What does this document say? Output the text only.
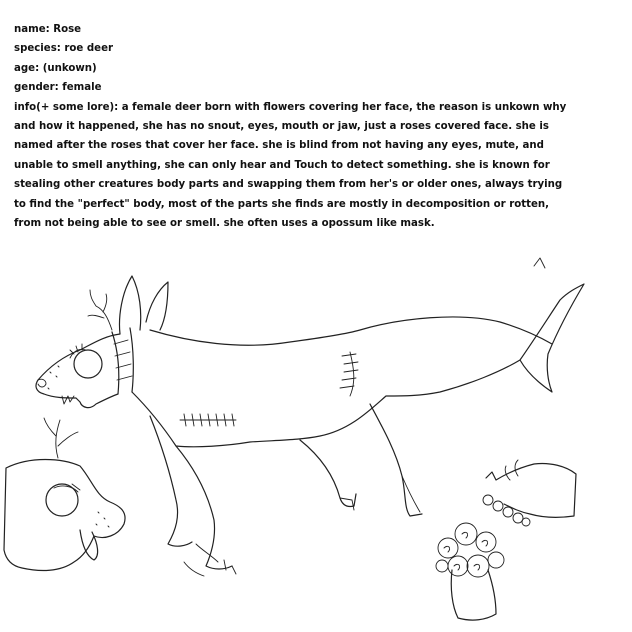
name: Rose
species: roe deer
age: (unkown)
gender: female
info(+ some lore): a female deer born with flowers covering her face, the reason is unkown why and how it happened, she has no snout, eyes, mouth or jaw, just a roses covered face. she is named after the roses that cover her face. she is blind from not having any eyes, mute, and unable to smell anything, she can only hear and Touch to detect something. she is known for stealing other creatures body parts and swapping them from her's or older ones, always trying to find the "perfect" body, most of the parts she finds are mostly in decomposition or rotten, from not being able to see or smell. she often uses a opossum like mask.
